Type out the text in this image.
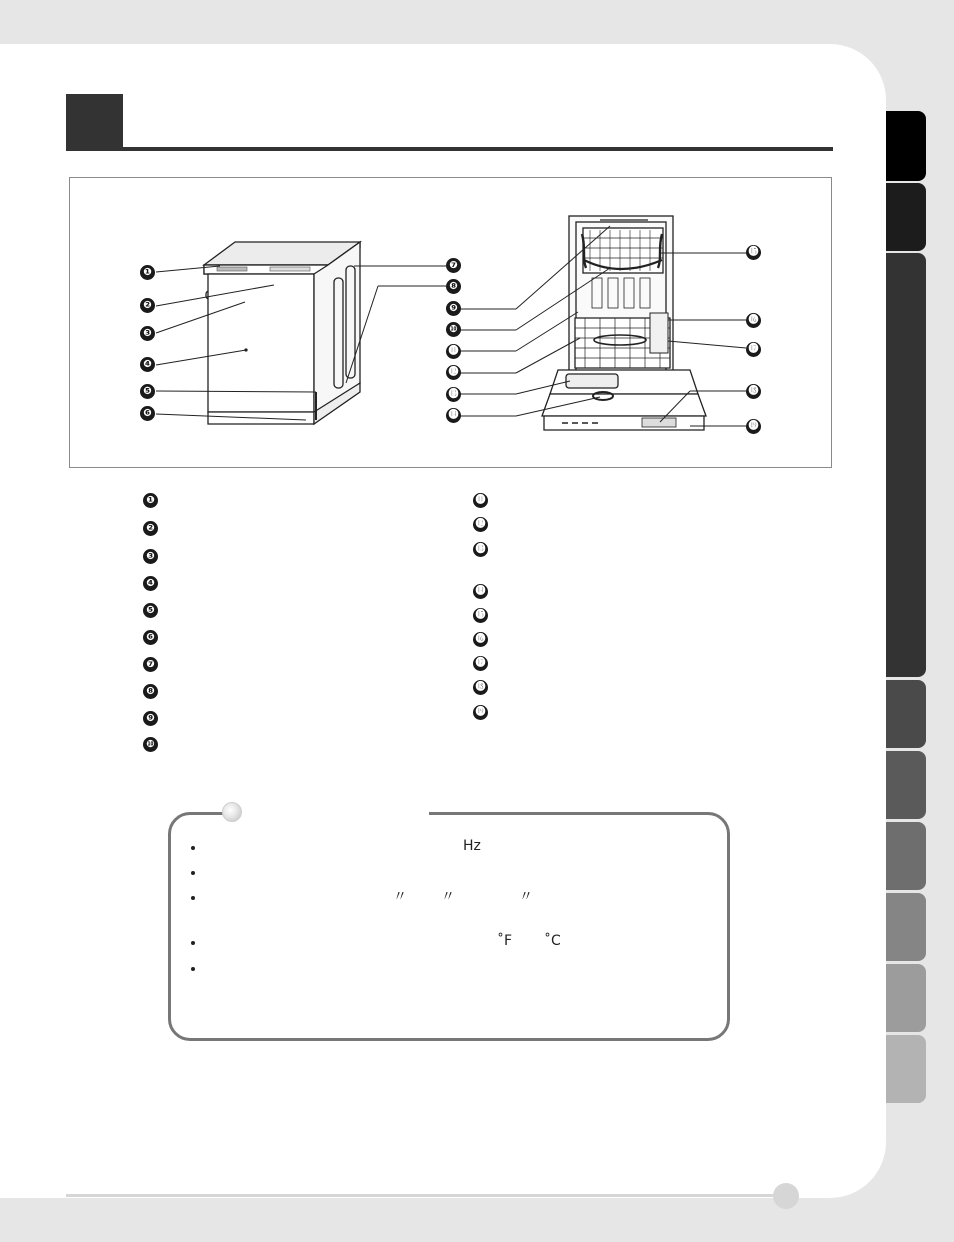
❶
❷
❸
❹
❺
❻
❼
❽
❾
❿
⓫
⓬
⓭
⓮
⓯
⓰
⓱
⓲
⓳
❶
❷
❸
❹
❺
❻
❼
❽
❾
❿
⓫
⓬
⓭
⓮
⓯
⓰
⓱
⓲
⓳
Hz
〃 〃	〃
˚F ˚C
